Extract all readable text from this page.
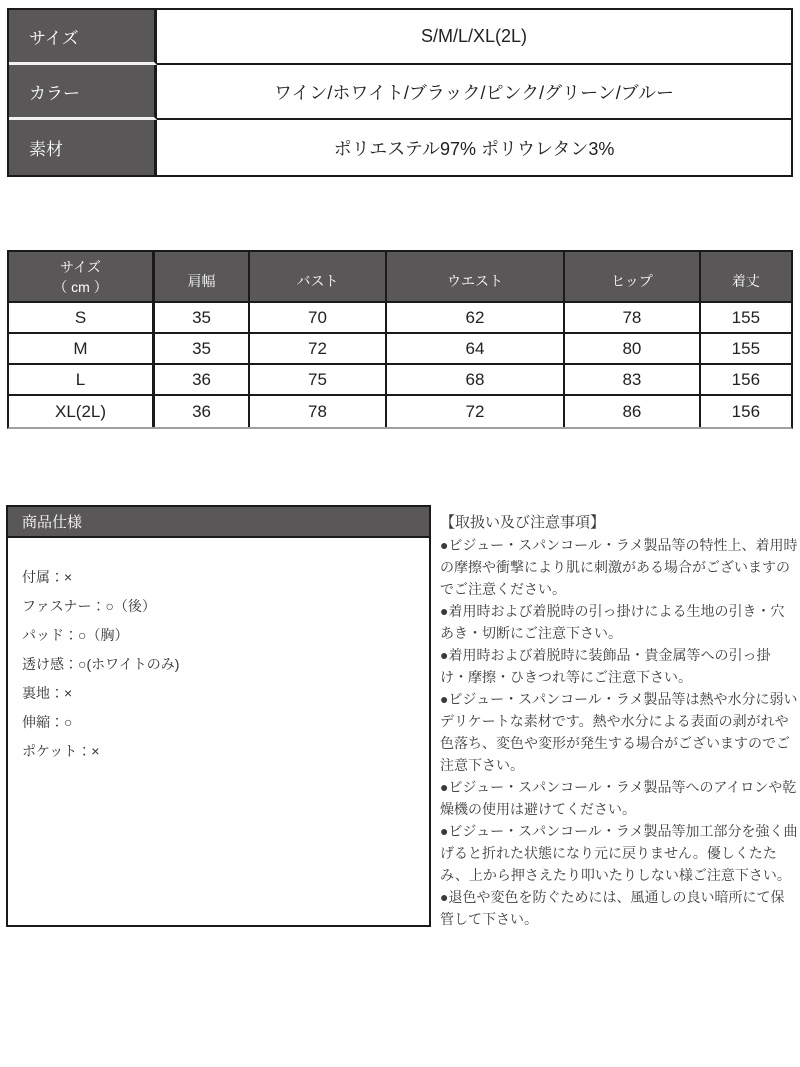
サイズ	S/M/L/XL(2L)
カラー	ワイン/ホワイト/ブラック/ピンク/グリーン/ブルー
素材	ポリエステル97% ポリウレタン3%
サイズ
（ cm ）	肩幅	バスト	ウエスト	ヒップ	着丈
S	35	70	62	78	155
M	35	72	64	80	155
L	36	75	68	83	156
XL(2L)	36	78	72	86	156
商品仕様
付属：×
ファスナー：○（後）
パッド：○（胸）
透け感：○(ホワイトのみ)
裏地：×
伸縮：○
ポケット：×

【取扱い及び注意事項】

●ビジュー・スパンコール・ラメ製品等の特性上、着用時の摩擦や衝撃により肌に刺激がある場合がございますのでご注意ください。

●着用時および着脱時の引っ掛けによる生地の引き・穴あき・切断にご注意下さい。

●着用時および着脱時に装飾品・貴金属等への引っ掛け・摩擦・ひきつれ等にご注意下さい。

●ビジュー・スパンコール・ラメ製品等は熱や水分に弱いデリケートな素材です。熱や水分による表面の剥がれや色落ち、変色や変形が発生する場合がございますのでご注意下さい。

●ビジュー・スパンコール・ラメ製品等へのアイロンや乾燥機の使用は避けてください。

●ビジュー・スパンコール・ラメ製品等加工部分を強く曲げると折れた状態になり元に戻りません。優しくたたみ、上から押さえたり叩いたりしない様ご注意下さい。

●退色や変色を防ぐためには、風通しの良い暗所にて保管して下さい。
